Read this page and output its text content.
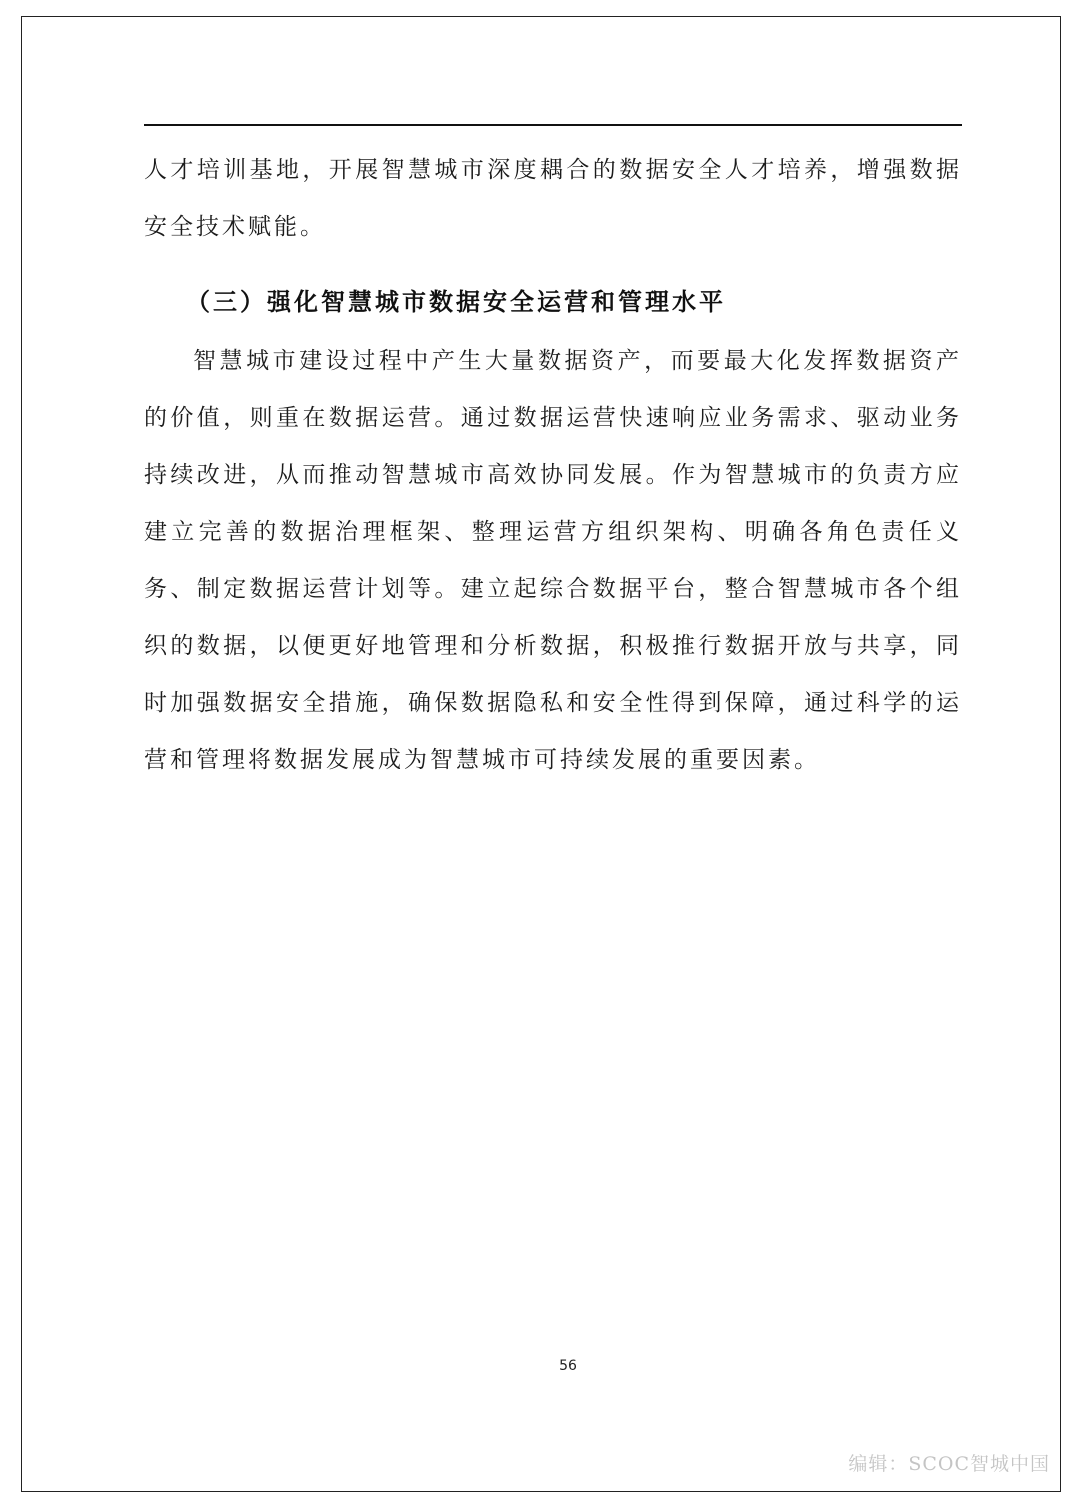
人才培训基地，开展智慧城市深度耦合的数据安全人才培养，增强数据安全技术赋能。

（三）强化智慧城市数据安全运营和管理水平

智慧城市建设过程中产生大量数据资产，而要最大化发挥数据资产的价值，则重在数据运营。通过数据运营快速响应业务需求、驱动业务持续改进，从而推动智慧城市高效协同发展。作为智慧城市的负责方应建立完善的数据治理框架、整理运营方组织架构、明确各角色责任义务、制定数据运营计划等。建立起综合数据平台，整合智慧城市各个组织的数据，以便更好地管理和分析数据，积极推行数据开放与共享，同时加强数据安全措施，确保数据隐私和安全性得到保障，通过科学的运营和管理将数据发展成为智慧城市可持续发展的重要因素。

56

编辑：SCOC智城中国
